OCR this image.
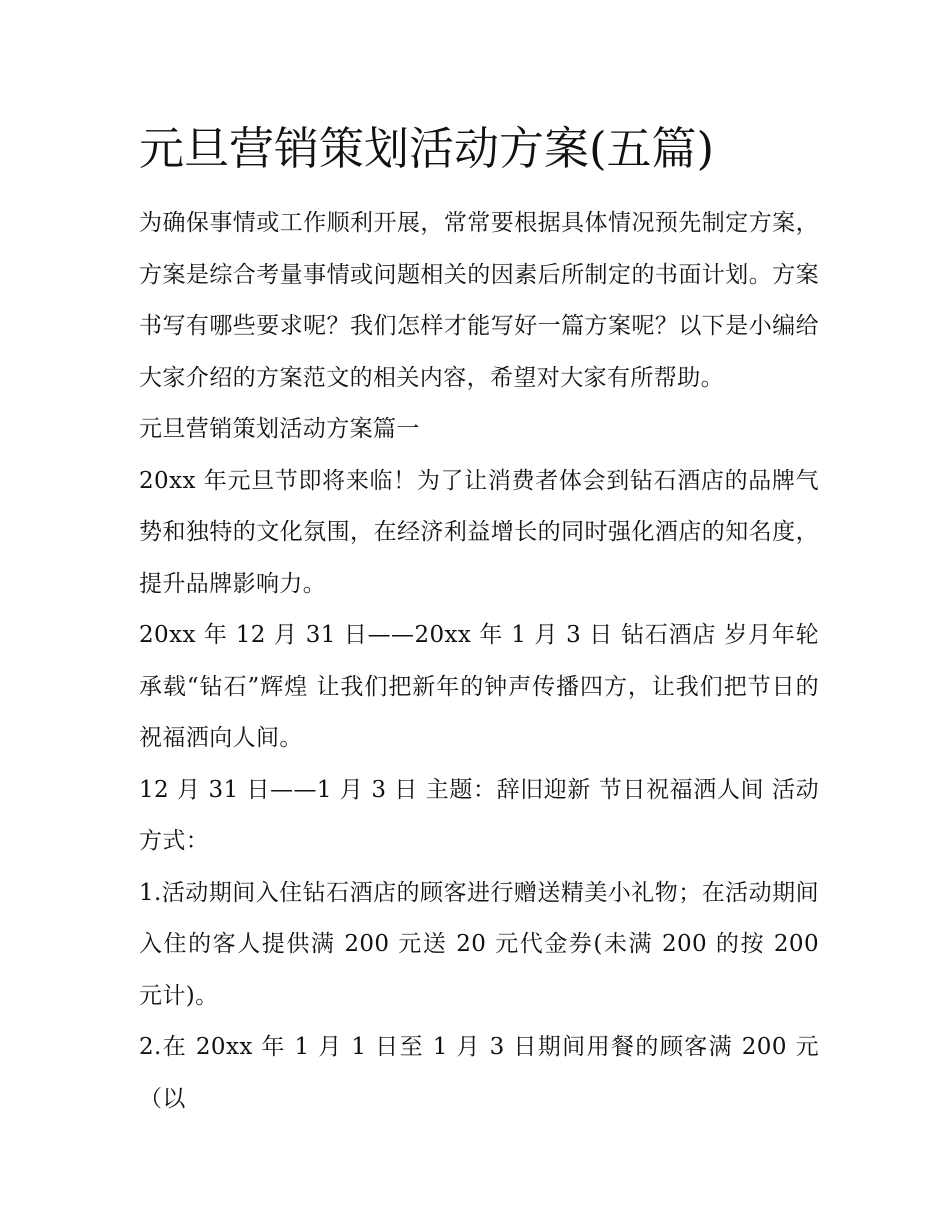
元旦营销策划活动方案(五篇)

为确保事情或工作顺利开展，常常要根据具体情况预先制定方案，方案是综合考量事情或问题相关的因素后所制定的书面计划。方案书写有哪些要求呢？我们怎样才能写好一篇方案呢？以下是小编给大家介绍的方案范文的相关内容，希望对大家有所帮助。

元旦营销策划活动方案篇一

20xx 年元旦节即将来临！为了让消费者体会到钻石酒店的品牌气势和独特的文化氛围，在经济利益增长的同时强化酒店的知名度，提升品牌影响力。

20xx 年 12 月 31 日——20xx 年 1 月 3 日 钻石酒店 岁月年轮 承载“钻石”辉煌 让我们把新年的钟声传播四方，让我们把节日的祝福洒向人间。

12 月 31 日——1 月 3 日 主题：辞旧迎新 节日祝福洒人间 活动方式：

1.活动期间入住钻石酒店的顾客进行赠送精美小礼物；在活动期间入住的客人提供满 200 元送 20 元代金券(未满 200 的按 200 元计)。

2.在 20xx 年 1 月 1 日至 1 月 3 日期间用餐的顾客满 200 元（以
